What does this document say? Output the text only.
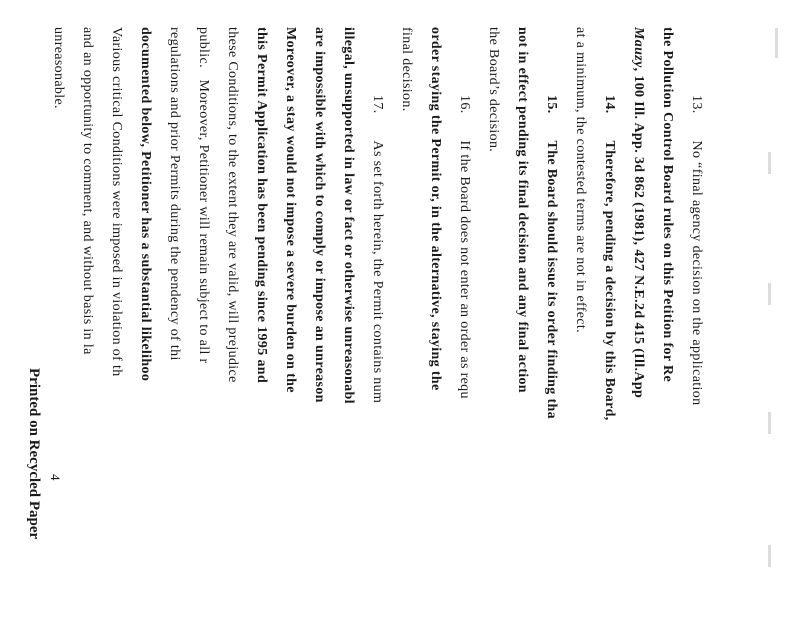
13.       No “final agency decision on the application
the Pollution Control Board rules on this Petition for Re
Mauzy, 100 Ill. App. 3d 862 (1981), 427 N.E.2d 415 (Ill.App
14.       Therefore, pending a decision by this Board,
at a minimum, the contested terms are not in effect.
15.       The Board should issue its order finding tha
not in effect pending its final decision and any final action
the Board’s decision.
16.       If the Board does not enter an order as requ
order staying the Permit or, in the alternative, staying the
final decision.
17.       As set forth herein, the Permit contains num
illegal, unsupported in law or fact or otherwise unreasonabl
are impossible with which to comply or impose an unreason
Moreover, a stay would not impose a severe burden on the
this Permit Application has been pending since 1995 and
these Conditions, to the extent they are valid, will prejudice
public.   Moreover, Petitioner will remain subject to all r
regulations and prior Permits during the pendency of thi
documented below, Petitioner has a substantial likelihoo
Various critical Conditions were imposed in violation of th
and an opportunity to comment, and without basis in la
unreasonable.
4
Printed on Recycled Paper
